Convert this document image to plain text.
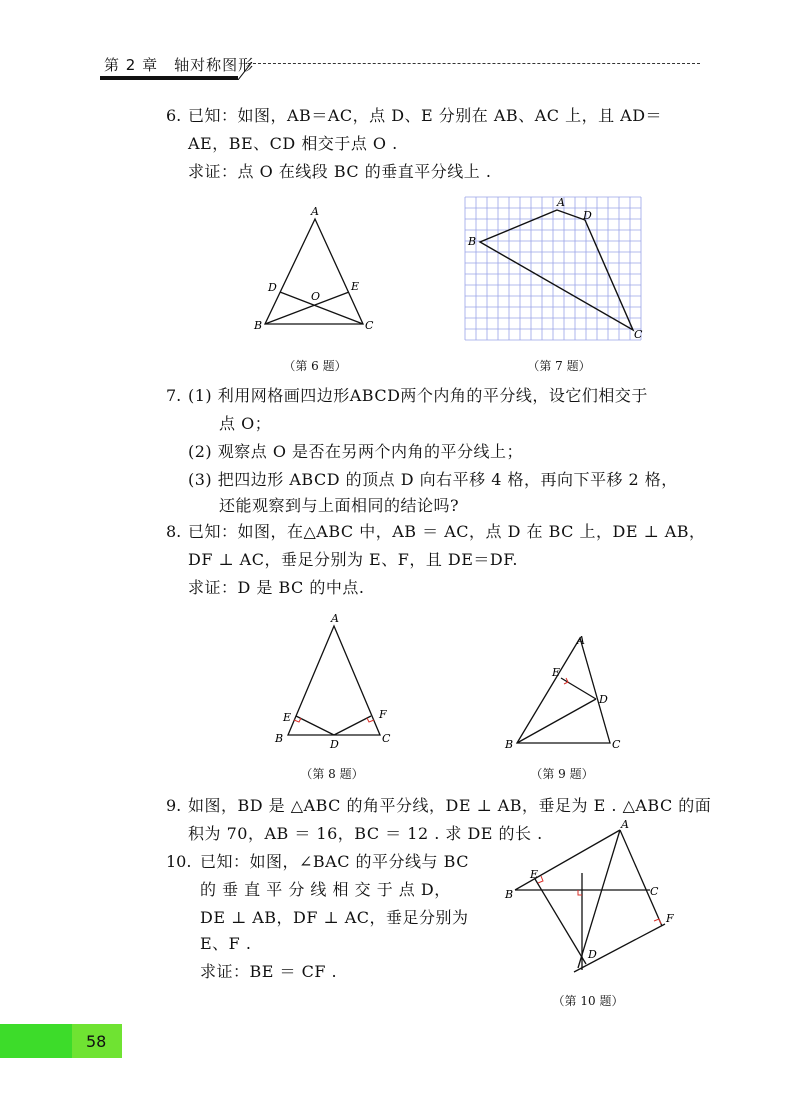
第 2 章　轴对称图形
6. 已知：如图，AB＝AC，点 D、E 分别在 AB、AC 上，且 AD＝
AE，BE、CD 相交于点 O .
求证：点 O 在线段 BC 的垂直平分线上 .
A
B	C
D	E
O
（第 6 题）
A
D
B
C
（第 7 题）
7. (1) 利用网格画四边形ABCD两个内角的平分线，设它们相交于
点 O；
(2) 观察点 O 是否在另两个内角的平分线上；
(3) 把四边形 ABCD 的顶点 D 向右平移 4 格，再向下平移 2 格，
还能观察到与上面相同的结论吗?
8. 已知：如图，在△ABC 中，AB ＝ AC，点 D 在 BC 上，DE ⊥ AB，
DF ⊥ AC，垂足分别为 E、F，且 DE＝DF.
求证：D 是 BC 的中点.
A
B	C
D
E	F
（第 8 题）
A
B	C
D
E
（第 9 题）
9. 如图，BD 是 △ABC 的角平分线，DE ⊥ AB，垂足为 E . △ABC 的面
积为 70，AB ＝ 16，BC ＝ 12 . 求 DE 的长 .
10. 已知：如图，∠BAC 的平分线与 BC
的 垂 直 平 分 线 相 交 于 点 D，
DE ⊥ AB，DF ⊥ AC，垂足分别为
E、F .
求证：BE ＝ CF .
A
B	C
D
E
F
（第 10 题）
58
